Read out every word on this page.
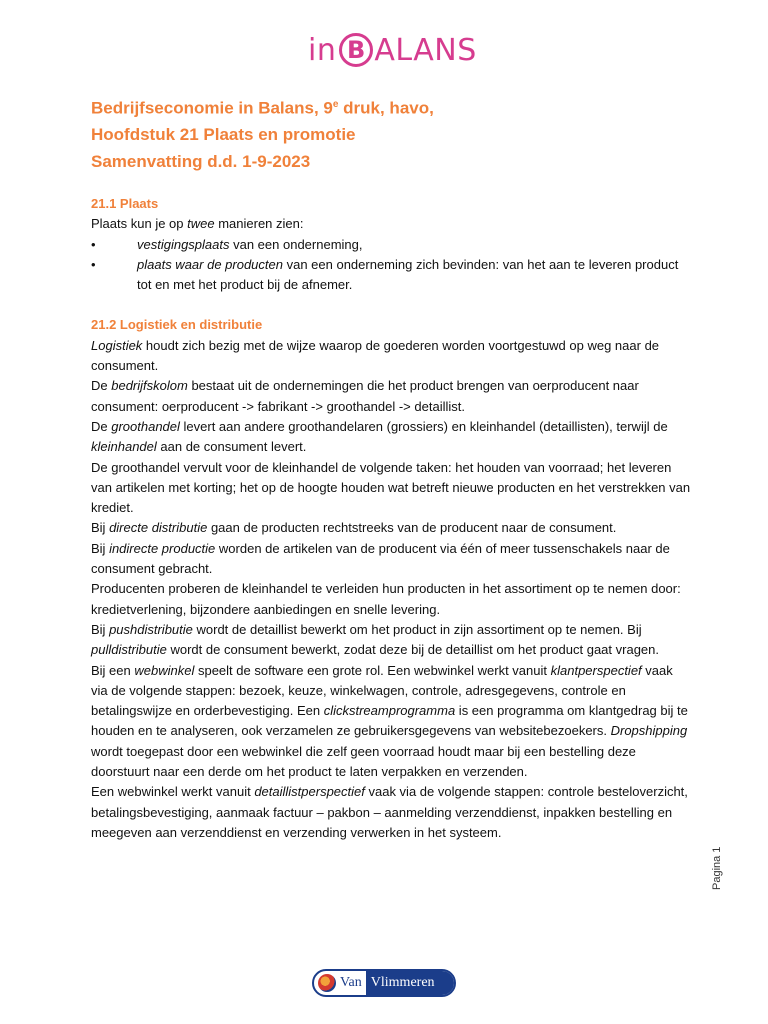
in B ALANS
Bedrijfseconomie in Balans, 9e druk, havo,
Hoofdstuk 21 Plaats en promotie
Samenvatting d.d. 1-9-2023
21.1 Plaats

Plaats kun je op twee manieren zien:

• vestigingsplaats van een onderneming,
• plaats waar de producten van een onderneming zich bevinden: van het aan te leveren product tot en met het product bij de afnemer.
21.2 Logistiek en distributie

Logistiek houdt zich bezig met de wijze waarop de goederen worden voortgestuwd op weg naar de consument.

De bedrijfskolom bestaat uit de ondernemingen die het product brengen van oerproducent naar consument: oerproducent -> fabrikant -> groothandel -> detaillist.

De groothandel levert aan andere groothandelaren (grossiers) en kleinhandel (detaillisten), terwijl de kleinhandel aan de consument levert.

De groothandel vervult voor de kleinhandel de volgende taken: het houden van voorraad; het leveren van artikelen met korting; het op de hoogte houden wat betreft nieuwe producten en het verstrekken van krediet.

Bij directe distributie gaan de producten rechtstreeks van de producent naar de consument.

Bij indirecte productie worden de artikelen van de producent via één of meer tussenschakels naar de consument gebracht.

Producenten proberen de kleinhandel te verleiden hun producten in het assortiment op te nemen door: kredietverlening, bijzondere aanbiedingen en snelle levering.

Bij pushdistributie wordt de detaillist bewerkt om het product in zijn assortiment op te nemen. Bij pulldistributie wordt de consument bewerkt, zodat deze bij de detaillist om het product gaat vragen.

Bij een webwinkel speelt de software een grote rol. Een webwinkel werkt vanuit klantperspectief vaak via de volgende stappen: bezoek, keuze, winkelwagen, controle, adresgegevens, controle en betalingswijze en orderbevestiging. Een clickstreamprogramma is een programma om klantgedrag bij te houden en te analyseren, ook verzamelen ze gebruikersgegevens van websitebezoekers. Dropshipping wordt toegepast door een webwinkel die zelf geen voorraad houdt maar bij een bestelling deze doorstuurt naar een derde om het product te laten verpakken en verzenden.

Een webwinkel werkt vanuit detaillistperspectief vaak via de volgende stappen: controle besteloverzicht, betalingsbevestiging, aanmaak factuur – pakbon – aanmelding verzenddienst, inpakken bestelling en meegeven aan verzenddienst en verzending verwerken in het systeem.

Pagina 1
Van Vlimmeren
